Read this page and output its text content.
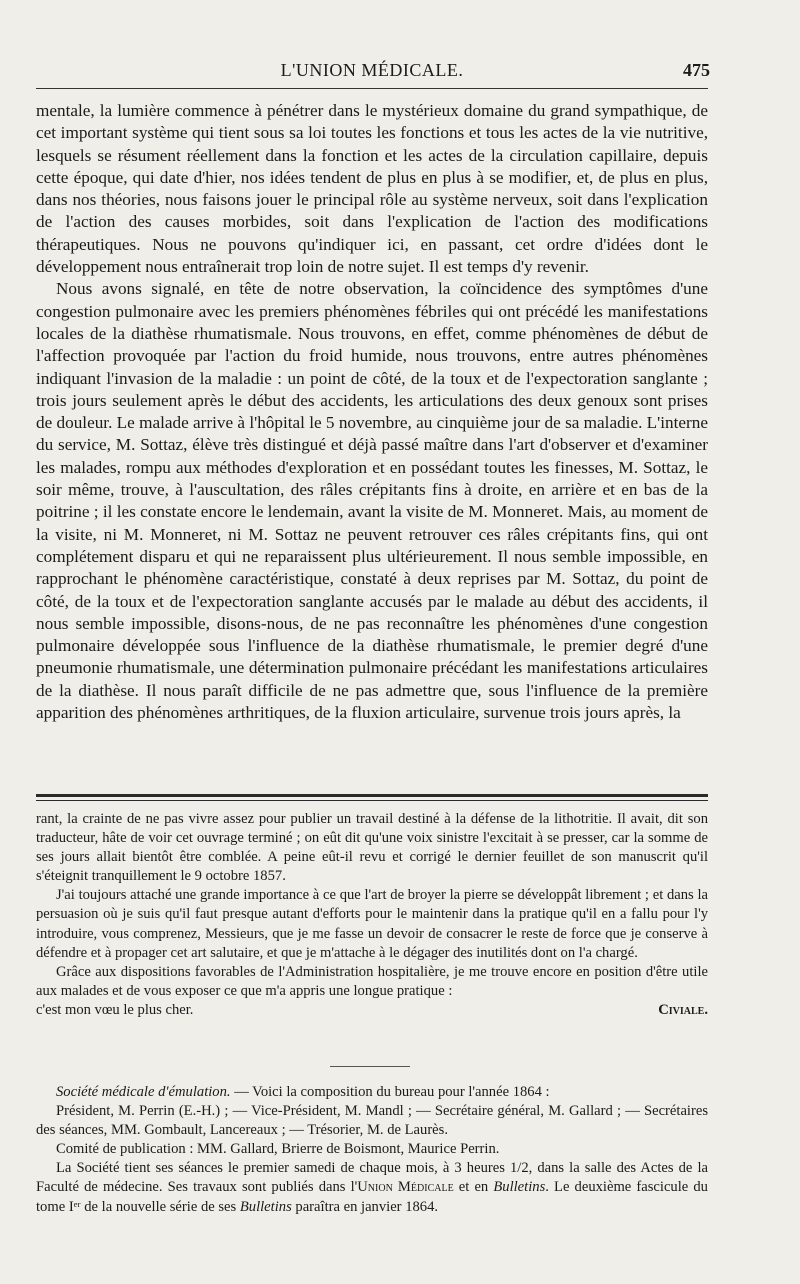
L'UNION MÉDICALE.	475

mentale, la lumière commence à pénétrer dans le mystérieux domaine du grand sympathique, de cet important système qui tient sous sa loi toutes les fonctions et tous les actes de la vie nutritive, lesquels se résument réellement dans la fonction et les actes de la circulation capillaire, depuis cette époque, qui date d'hier, nos idées tendent de plus en plus à se modifier, et, de plus en plus, dans nos théories, nous faisons jouer le principal rôle au système nerveux, soit dans l'explication de l'action des causes morbides, soit dans l'explication de l'action des modifications thérapeutiques. Nous ne pouvons qu'indiquer ici, en passant, cet ordre d'idées dont le développement nous entraînerait trop loin de notre sujet. Il est temps d'y revenir.

Nous avons signalé, en tête de notre observation, la coïncidence des symptômes d'une congestion pulmonaire avec les premiers phénomènes fébriles qui ont précédé les manifestations locales de la diathèse rhumatismale. Nous trouvons, en effet, comme phénomènes de début de l'affection provoquée par l'action du froid humide, nous trouvons, entre autres phénomènes indiquant l'invasion de la maladie : un point de côté, de la toux et de l'expectoration sanglante ; trois jours seulement après le début des accidents, les articulations des deux genoux sont prises de douleur. Le malade arrive à l'hôpital le 5 novembre, au cinquième jour de sa maladie. L'interne du service, M. Sottaz, élève très distingué et déjà passé maître dans l'art d'observer et d'examiner les malades, rompu aux méthodes d'exploration et en possédant toutes les finesses, M. Sottaz, le soir même, trouve, à l'auscultation, des râles crépitants fins à droite, en arrière et en bas de la poitrine ; il les constate encore le lendemain, avant la visite de M. Monneret. Mais, au moment de la visite, ni M. Monneret, ni M. Sottaz ne peuvent retrouver ces râles crépitants fins, qui ont complétement disparu et qui ne reparaissent plus ultérieurement. Il nous semble impossible, en rapprochant le phénomène caractéristique, constaté à deux reprises par M. Sottaz, du point de côté, de la toux et de l'expectoration sanglante accusés par le malade au début des accidents, il nous semble impossible, disons-nous, de ne pas reconnaître les phénomènes d'une congestion pulmonaire développée sous l'influence de la diathèse rhumatismale, le premier degré d'une pneumonie rhumatismale, une détermination pulmonaire précédant les manifestations articulaires de la diathèse. Il nous paraît difficile de ne pas admettre que, sous l'influence de la première apparition des phénomènes arthritiques, de la fluxion articulaire, survenue trois jours après, la

rant, la crainte de ne pas vivre assez pour publier un travail destiné à la défense de la lithotritie. Il avait, dit son traducteur, hâte de voir cet ouvrage terminé ; on eût dit qu'une voix sinistre l'excitait à se presser, car la somme de ses jours allait bientôt être comblée. A peine eût-il revu et corrigé le dernier feuillet de son manuscrit qu'il s'éteignit tranquillement le 9 octobre 1857.

J'ai toujours attaché une grande importance à ce que l'art de broyer la pierre se développât librement ; et dans la persuasion où je suis qu'il faut presque autant d'efforts pour le maintenir dans la pratique qu'il en a fallu pour l'y introduire, vous comprenez, Messieurs, que je me fasse un devoir de consacrer le reste de force que je conserve à défendre et à propager cet art salutaire, et que je m'attache à le dégager des inutilités dont on l'a chargé.

Grâce aux dispositions favorables de l'Administration hospitalière, je me trouve encore en position d'être utile aux malades et de vous exposer ce que m'a appris une longue pratique :

c'est mon vœu le plus cher.	Civiale.

Société médicale d'émulation. — Voici la composition du bureau pour l'année 1864 :

Président, M. Perrin (E.-H.) ; — Vice-Président, M. Mandl ; — Secrétaire général, M. Gallard ; — Secrétaires des séances, MM. Gombault, Lancereaux ; — Trésorier, M. de Laurès.

Comité de publication : MM. Gallard, Brierre de Boismont, Maurice Perrin.

La Société tient ses séances le premier samedi de chaque mois, à 3 heures 1/2, dans la salle des Actes de la Faculté de médecine. Ses travaux sont publiés dans l'Union Médicale et en Bulletins. Le deuxième fascicule du tome Iᵉʳ de la nouvelle série de ses Bulletins paraîtra en janvier 1864.
